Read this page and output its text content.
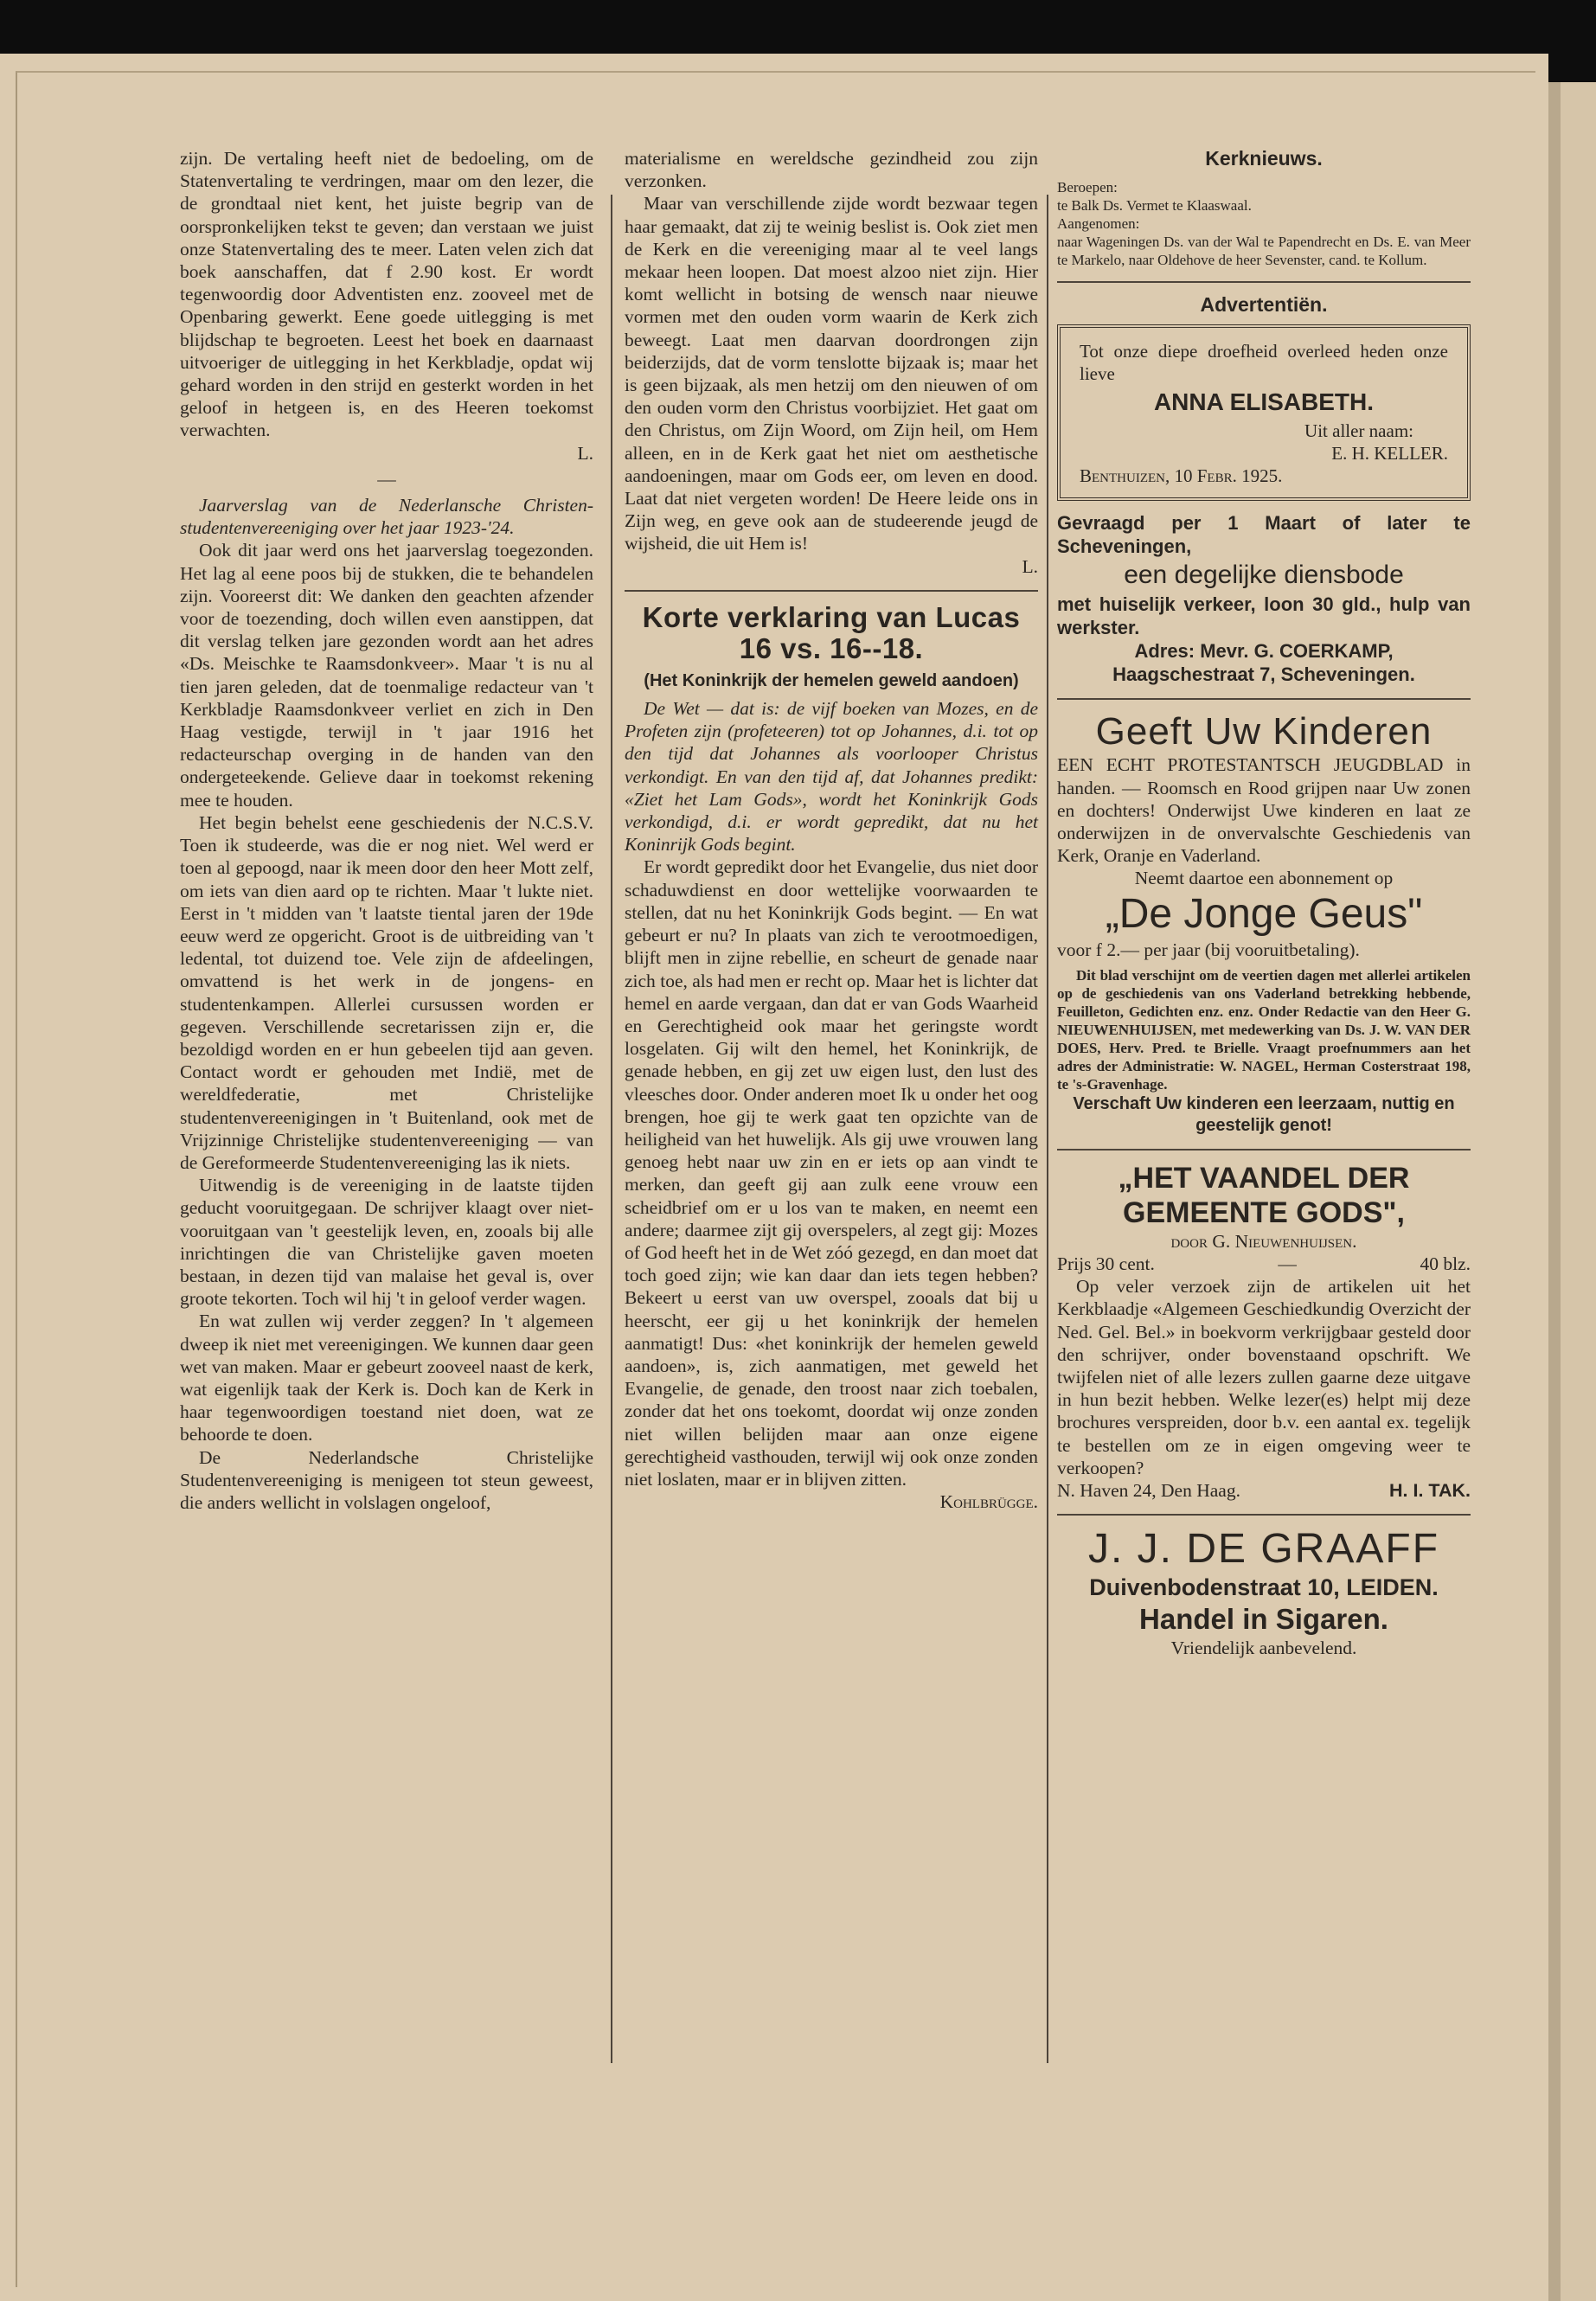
zijn. De vertaling heeft niet de bedoeling, om de Statenvertaling te verdringen, maar om den lezer, die de grondtaal niet kent, het juiste begrip van de oorspronkelijken tekst te geven; dan verstaan we juist onze Statenvertaling des te meer. Laten velen zich dat boek aanschaffen, dat f 2.90 kost. Er wordt tegenwoordig door Adventisten enz. zooveel met de Openbaring gewerkt. Eene goede uitlegging is met blijdschap te begroeten. Leest het boek en daarnaast uitvoeriger de uitlegging in het Kerkbladje, opdat wij gehard worden in den strijd en gesterkt worden in het geloof in hetgeen is, en des Heeren toekomst verwachten.

L.
—

Jaarverslag van de Nederlansche Christen-studentenvereeniging over het jaar 1923-'24.

Ook dit jaar werd ons het jaarverslag toegezonden. Het lag al eene poos bij de stukken, die te behandelen zijn. Vooreerst dit: We danken den geachten afzender voor de toezending, doch willen even aanstippen, dat dit verslag telken jare gezonden wordt aan het adres «Ds. Meischke te Raamsdonkveer». Maar 't is nu al tien jaren geleden, dat de toenmalige redacteur van 't Kerkbladje Raamsdonkveer verliet en zich in Den Haag vestigde, terwijl in 't jaar 1916 het redacteurschap overging in de handen van den ondergeteekende. Gelieve daar in toekomst rekening mee te houden.

Het begin behelst eene geschiedenis der N.C.S.V. Toen ik studeerde, was die er nog niet. Wel werd er toen al gepoogd, naar ik meen door den heer Mott zelf, om iets van dien aard op te richten. Maar 't lukte niet. Eerst in 't midden van 't laatste tiental jaren der 19de eeuw werd ze opgericht. Groot is de uitbreiding van 't ledental, tot duizend toe. Vele zijn de afdeelingen, omvattend is het werk in de jongens- en studentenkampen. Allerlei cursussen worden er gegeven. Verschillende secretarissen zijn er, die bezoldigd worden en er hun gebeelen tijd aan geven. Contact wordt er gehouden met Indië, met de wereldfederatie, met Christelijke studentenvereenigingen in 't Buitenland, ook met de Vrijzinnige Christelijke studentenvereeniging — van de Gereformeerde Studentenvereeniging las ik niets.

Uitwendig is de vereeniging in de laatste tijden geducht vooruitgegaan. De schrijver klaagt over niet-vooruitgaan van 't geestelijk leven, en, zooals bij alle inrichtingen die van Christelijke gaven moeten bestaan, in dezen tijd van malaise het geval is, over groote tekorten. Toch wil hij 't in geloof verder wagen.

En wat zullen wij verder zeggen? In 't algemeen dweep ik niet met vereenigingen. We kunnen daar geen wet van maken. Maar er gebeurt zooveel naast de kerk, wat eigenlijk taak der Kerk is. Doch kan de Kerk in haar tegenwoordigen toestand niet doen, wat ze behoorde te doen.

De Nederlandsche Christelijke Studentenvereeniging is menigeen tot steun geweest, die anders wellicht in volslagen ongeloof,

materialisme en wereldsche gezindheid zou zijn verzonken.

Maar van verschillende zijde wordt bezwaar tegen haar gemaakt, dat zij te weinig beslist is. Ook ziet men de Kerk en die vereeniging maar al te veel langs mekaar heen loopen. Dat moest alzoo niet zijn. Hier komt wellicht in botsing de wensch naar nieuwe vormen met den ouden vorm waarin de Kerk zich beweegt. Laat men daarvan doordrongen zijn beiderzijds, dat de vorm tenslotte bijzaak is; maar het is geen bijzaak, als men hetzij om den nieuwen of om den ouden vorm den Christus voorbijziet. Het gaat om den Christus, om Zijn Woord, om Zijn heil, om Hem alleen, en in de Kerk gaat het niet om aesthetische aandoeningen, maar om Gods eer, om leven en dood. Laat dat niet vergeten worden! De Heere leide ons in Zijn weg, en geve ook aan de studeerende jeugd de wijsheid, die uit Hem is!

L.
Korte verklaring van Lucas 16 vs. 16--18.
(Het Koninkrijk der hemelen geweld aandoen)

De Wet — dat is: de vijf boeken van Mozes, en de Profeten zijn (profeteeren) tot op Johannes, d.i. tot op den tijd dat Johannes als voorlooper Christus verkondigt. En van den tijd af, dat Johannes predikt: «Ziet het Lam Gods», wordt het Koninkrijk Gods verkondigd, d.i. er wordt gepredikt, dat nu het Koninrijk Gods begint.

Er wordt gepredikt door het Evangelie, dus niet door schaduwdienst en door wettelijke voorwaarden te stellen, dat nu het Koninkrijk Gods begint. — En wat gebeurt er nu? In plaats van zich te verootmoedigen, blijft men in zijne rebellie, en scheurt de genade naar zich toe, als had men er recht op. Maar het is lichter dat hemel en aarde vergaan, dan dat er van Gods Waarheid en Gerechtigheid ook maar het geringste wordt losgelaten. Gij wilt den hemel, het Koninkrijk, de genade hebben, en gij zet uw eigen lust, den lust des vleesches door. Onder anderen moet Ik u onder het oog brengen, hoe gij te werk gaat ten opzichte van de heiligheid van het huwelijk. Als gij uwe vrouwen lang genoeg hebt naar uw zin en er iets op aan vindt te merken, dan geeft gij aan zulk eene vrouw een scheidbrief om er u los van te maken, en neemt een andere; daarmee zijt gij overspelers, al zegt gij: Mozes of God heeft het in de Wet zóó gezegd, en dan moet dat toch goed zijn; wie kan daar dan iets tegen hebben? Bekeert u eerst van uw overspel, zooals dat bij u heerscht, eer gij u het koninkrijk der hemelen aanmatigt! Dus: «het koninkrijk der hemelen geweld aandoen», is, zich aanmatigen, met geweld het Evangelie, de genade, den troost naar zich toebalen, zonder dat het ons toekomt, doordat wij onze zonden niet willen belijden maar aan onze eigene gerechtigheid vasthouden, terwijl wij ook onze zonden niet loslaten, maar er in blijven zitten.

Kohlbrügge.
Kerknieuws.
Beroepen:
te Balk Ds. Vermet te Klaaswaal.
Aangenomen:
naar Wageningen Ds. van der Wal te Papendrecht en Ds. E. van Meer te Markelo, naar Oldehove de heer Sevenster, cand. te Kollum.
Advertentiën.
Tot onze diepe droefheid overleed heden onze lieve
ANNA ELISABETH.
Uit aller naam:
E. H. KELLER.
Benthuizen, 10 Febr. 1925.
Gevraagd per 1 Maart of later te Scheveningen,
een degelijke diensbode
met huiselijk verkeer, loon 30 gld., hulp van werkster.
Adres: Mevr. G. COERKAMP,
Haagschestraat 7, Scheveningen.
Geeft Uw Kinderen

EEN ECHT PROTESTANTSCH JEUGDBLAD in handen. — Roomsch en Rood grijpen naar Uw zonen en dochters! Onderwijst Uwe kinderen en laat ze onderwijzen in de onvervalschte Geschiedenis van Kerk, Oranje en Vaderland.

Neemt daartoe een abonnement op

„De Jonge Geus"

voor f 2.— per jaar (bij vooruitbetaling).

Dit blad verschijnt om de veertien dagen met allerlei artikelen op de geschiedenis van ons Vaderland betrekking hebbende, Feuilleton, Gedichten enz. enz. Onder Redactie van den Heer G. NIEUWENHUIJSEN, met medewerking van Ds. J. W. VAN DER DOES, Herv. Pred. te Brielle. Vraagt proefnummers aan het adres der Administratie: W. NAGEL, Herman Costerstraat 198, te 's-Gravenhage.

Verschaft Uw kinderen een leerzaam, nuttig en geestelijk genot!

„HET VAANDEL DER GEMEENTE GODS",
door G. Nieuwenhuijsen.
Prijs 30 cent.	—	40 blz.

Op veler verzoek zijn de artikelen uit het Kerkblaadje «Algemeen Geschiedkundig Overzicht der Ned. Gel. Bel.» in boekvorm verkrijgbaar gesteld door den schrijver, onder bovenstaand opschrift. We twijfelen niet of alle lezers zullen gaarne deze uitgave in hun bezit hebben. Welke lezer(es) helpt mij deze brochures verspreiden, door b.v. een aantal ex. tegelijk te bestellen om ze in eigen omgeving weer te verkoopen?

N. Haven 24, Den Haag.	H. I. TAK.
J. J. DE GRAAFF
Duivenbodenstraat 10, LEIDEN.
Handel in Sigaren.
Vriendelijk aanbevelend.
